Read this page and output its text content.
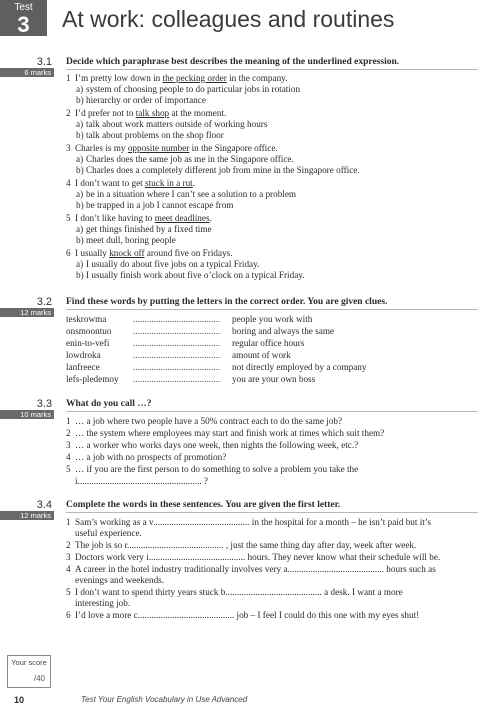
Test
3	At work: colleagues and routines
3.1
6 marks
Decide which paraphrase best describes the meaning of the underlined expression.
1 I’m pretty low down in the pecking order in the company.
a) system of choosing people to do particular jobs in rotation
b) hierarchy or order of importance
2 I’d prefer not to talk shop at the moment.
a) talk about work matters outside of working hours
b) talk about problems on the shop floor
3 Charles is my opposite number in the Singapore office.
a) Charles does the same job as me in the Singapore office.
b) Charles does a completely different job from mine in the Singapore office.
4 I don’t want to get stuck in a rut.
a) be in a situation where I can’t see a solution to a problem
b) be trapped in a job I cannot escape from
5 I don’t like having to meet deadlines.
a) get things finished by a fixed time
b) meet dull, boring people
6 I usually knock off around five on Fridays.
a) I usually do about five jobs on a typical Friday.
b) I usually finish work about five o’clock on a typical Friday.
3.2
12 marks
Find these words by putting the letters in the correct order. You are given clues.
teskrowma	...................................... people you work with
onsmoontuo ...................................... boring and always the same
enin-to-vefi	...................................... regular office hours
lowdroka	...................................... amount of work
lanfreece	...................................... not directly employed by a company
lefs-pledemoy ...................................... you are your own boss
3.3
10 marks
What do you call …?
1 … a job where two people have a 50% contract each to do the same job?
2 … the system where employees may start and finish work at times which suit them?
3 … a worker who works days one week, then nights the following week, etc.?
4 … a job with no prospects of promotion?
5 … if you are the first person to do something to solve a problem you take the
i...................................................... ?
3.4
12 marks
Complete the words in these sentences. You are given the first letter.
1 Sam’s working as a v.......................................... in the hospital for a month – he isn’t paid but it’s
useful experience.
2 The job is so r.......................................... , just the same thing day after day, week after week.
3 Doctors work very i.......................................... hours. They never know what their schedule will be.
4 A career in the hotel industry traditionally involves very a.......................................... hours such as
evenings and weekends.
5 I don’t want to spend thirty years stuck b.......................................... a desk. I want a more
interesting job.
6 I’d love a more c.......................................... job – I feel I could do this one with my eyes shut!
Your score
/40
10	Test Your English Vocabulary in Use Advanced
